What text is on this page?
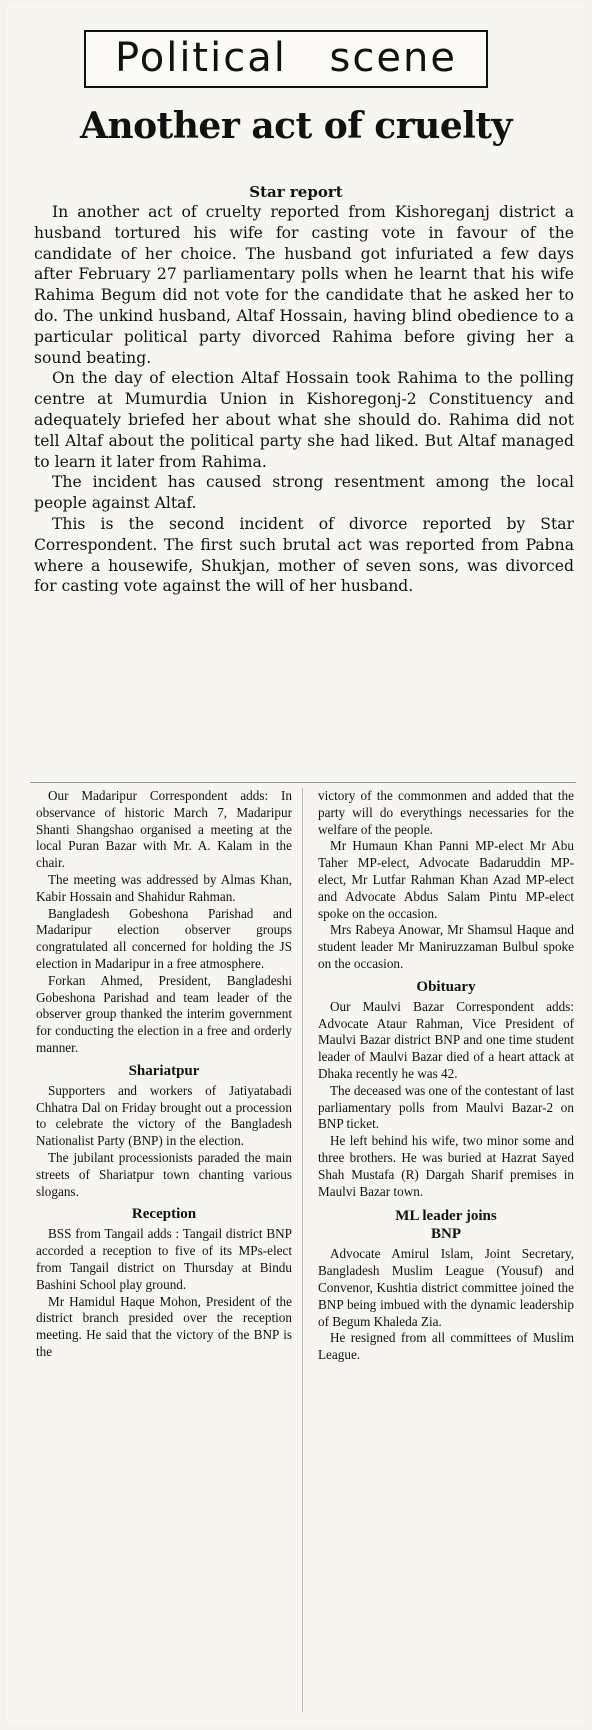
Political scene
Another act of cruelty
Star report

In another act of cruelty reported from Kishoreganj district a husband tortured his wife for casting vote in favour of the candidate of her choice. The husband got infuriated a few days after February 27 parliamentary polls when he learnt that his wife Rahima Begum did not vote for the candidate that he asked her to do. The unkind husband, Altaf Hossain, having blind obedience to a particular political party divorced Rahima before giving her a sound beating.

On the day of election Altaf Hossain took Rahima to the polling centre at Mumurdia Union in Kishoregonj-2 Constituency and adequately briefed her about what she should do. Rahima did not tell Altaf about the political party she had liked. But Altaf managed to learn it later from Rahima.

The incident has caused strong resentment among the local people against Altaf.

This is the second incident of divorce reported by Star Correspondent. The first such brutal act was reported from Pabna where a housewife, Shukjan, mother of seven sons, was divorced for casting vote against the will of her husband.

Our Madaripur Correspondent adds: In observance of historic March 7, Madaripur Shanti Shangshao organised a meeting at the local Puran Bazar with Mr. A. Kalam in the chair.

The meeting was addressed by Almas Khan, Kabir Hossain and Shahidur Rahman.

Bangladesh Gobeshona Parishad and Madaripur election observer groups congratulated all concerned for holding the JS election in Madaripur in a free atmosphere.

Forkan Ahmed, President, Bangladeshi Gobeshona Parishad and team leader of the observer group thanked the interim government for conducting the election in a free and orderly manner.

Shariatpur

Supporters and workers of Jatiyatabadi Chhatra Dal on Friday brought out a procession to celebrate the victory of the Bangladesh Nationalist Party (BNP) in the election.

The jubilant processionists paraded the main streets of Shariatpur town chanting various slogans.

Reception

BSS from Tangail adds : Tangail district BNP accorded a reception to five of its MPs-elect from Tangail district on Thursday at Bindu Bashini School play ground.

Mr Hamidul Haque Mohon, President of the district branch presided over the reception meeting. He said that the victory of the BNP is the

victory of the commonmen and added that the party will do everythings necessaries for the welfare of the people.

Mr Humaun Khan Panni MP-elect Mr Abu Taher MP-elect, Advocate Badaruddin MP-elect, Mr Lutfar Rahman Khan Azad MP-elect and Advocate Abdus Salam Pintu MP-elect spoke on the occasion.

Mrs Rabeya Anowar, Mr Shamsul Haque and student leader Mr Maniruzzaman Bulbul spoke on the occasion.

Obituary

Our Maulvi Bazar Correspondent adds: Advocate Ataur Rahman, Vice President of Maulvi Bazar district BNP and one time student leader of Maulvi Bazar died of a heart attack at Dhaka recently he was 42.

The deceased was one of the contestant of last parliamentary polls from Maulvi Bazar-2 on BNP ticket.

He left behind his wife, two minor some and three brothers. He was buried at Hazrat Sayed Shah Mustafa (R) Dargah Sharif premises in Maulvi Bazar town.

ML leader joins
BNP

Advocate Amirul Islam, Joint Secretary, Bangladesh Muslim League (Yousuf) and Convenor, Kushtia district committee joined the BNP being imbued with the dynamic leadership of Begum Khaleda Zia.

He resigned from all committees of Muslim League.
